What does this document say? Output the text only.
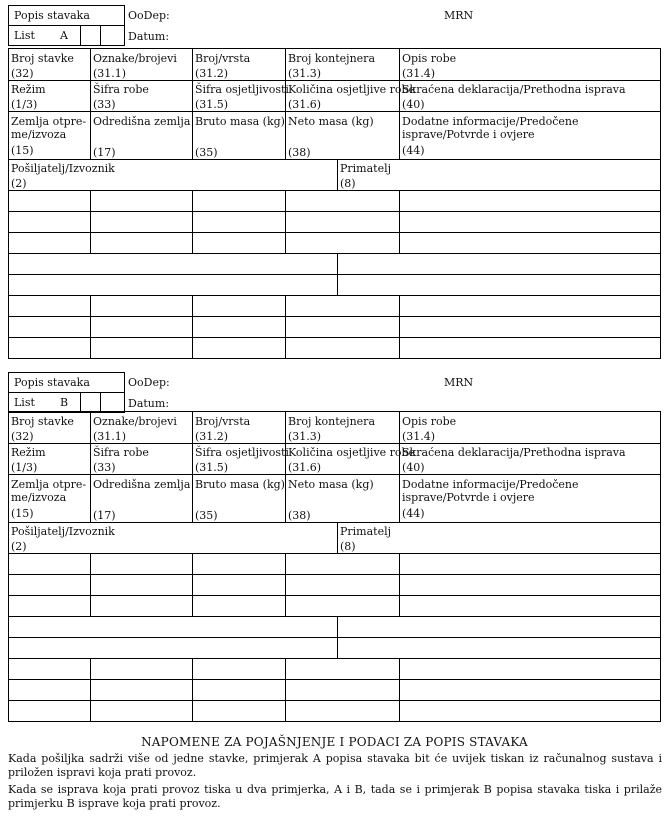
Popis stavaka
List A
OoDep:
Datum:
MRN
Broj stavke
(32)
Oznake/brojevi
(31.1)
Broj/vrsta
(31.2)
Broj kontejnera
(31.3)
Opis robe
(31.4)
Režim
(1/3)
Šifra robe
(33)
Šifra osjetljivosti
(31.5)
Količina osjetljive robe
(31.6)
Skraćena deklaracija/Prethodna isprava
(40)
Zemlja otpre-me/izvoza
(15)
Odredišna zemlja
(17)
Bruto masa (kg)
(35)
Neto masa (kg)
(38)
Dodatne informacije/Predočene isprave/Potvrde i ovjere
(44)
Pošiljatelj/Izvoznik
(2)
Primatelj
(8)
Popis stavaka
List B
OoDep:
Datum:
MRN
Broj stavke
(32)
Oznake/brojevi
(31.1)
Broj/vrsta
(31.2)
Broj kontejnera
(31.3)
Opis robe
(31.4)
Režim
(1/3)
Šifra robe
(33)
Šifra osjetljivosti
(31.5)
Količina osjetljive robe
(31.6)
Skraćena deklaracija/Prethodna isprava
(40)
Zemlja otpre-me/izvoza
(15)
Odredišna zemlja
(17)
Bruto masa (kg)
(35)
Neto masa (kg)
(38)
Dodatne informacije/Predočene isprave/Potvrde i ovjere
(44)
Pošiljatelj/Izvoznik
(2)
Primatelj
(8)
NAPOMENE ZA POJAŠNJENJE I PODACI ZA POPIS STAVAKA
Kada pošiljka sadrži više od jedne stavke, primjerak A popisa stavaka bit će uvijek tiskan iz računalnog sustava i priložen ispravi koja prati provoz.
Kada se isprava koja prati provoz tiska u dva primjerka, A i B, tada se i primjerak B popisa stavaka tiska i prilaže primjerku B isprave koja prati provoz.
